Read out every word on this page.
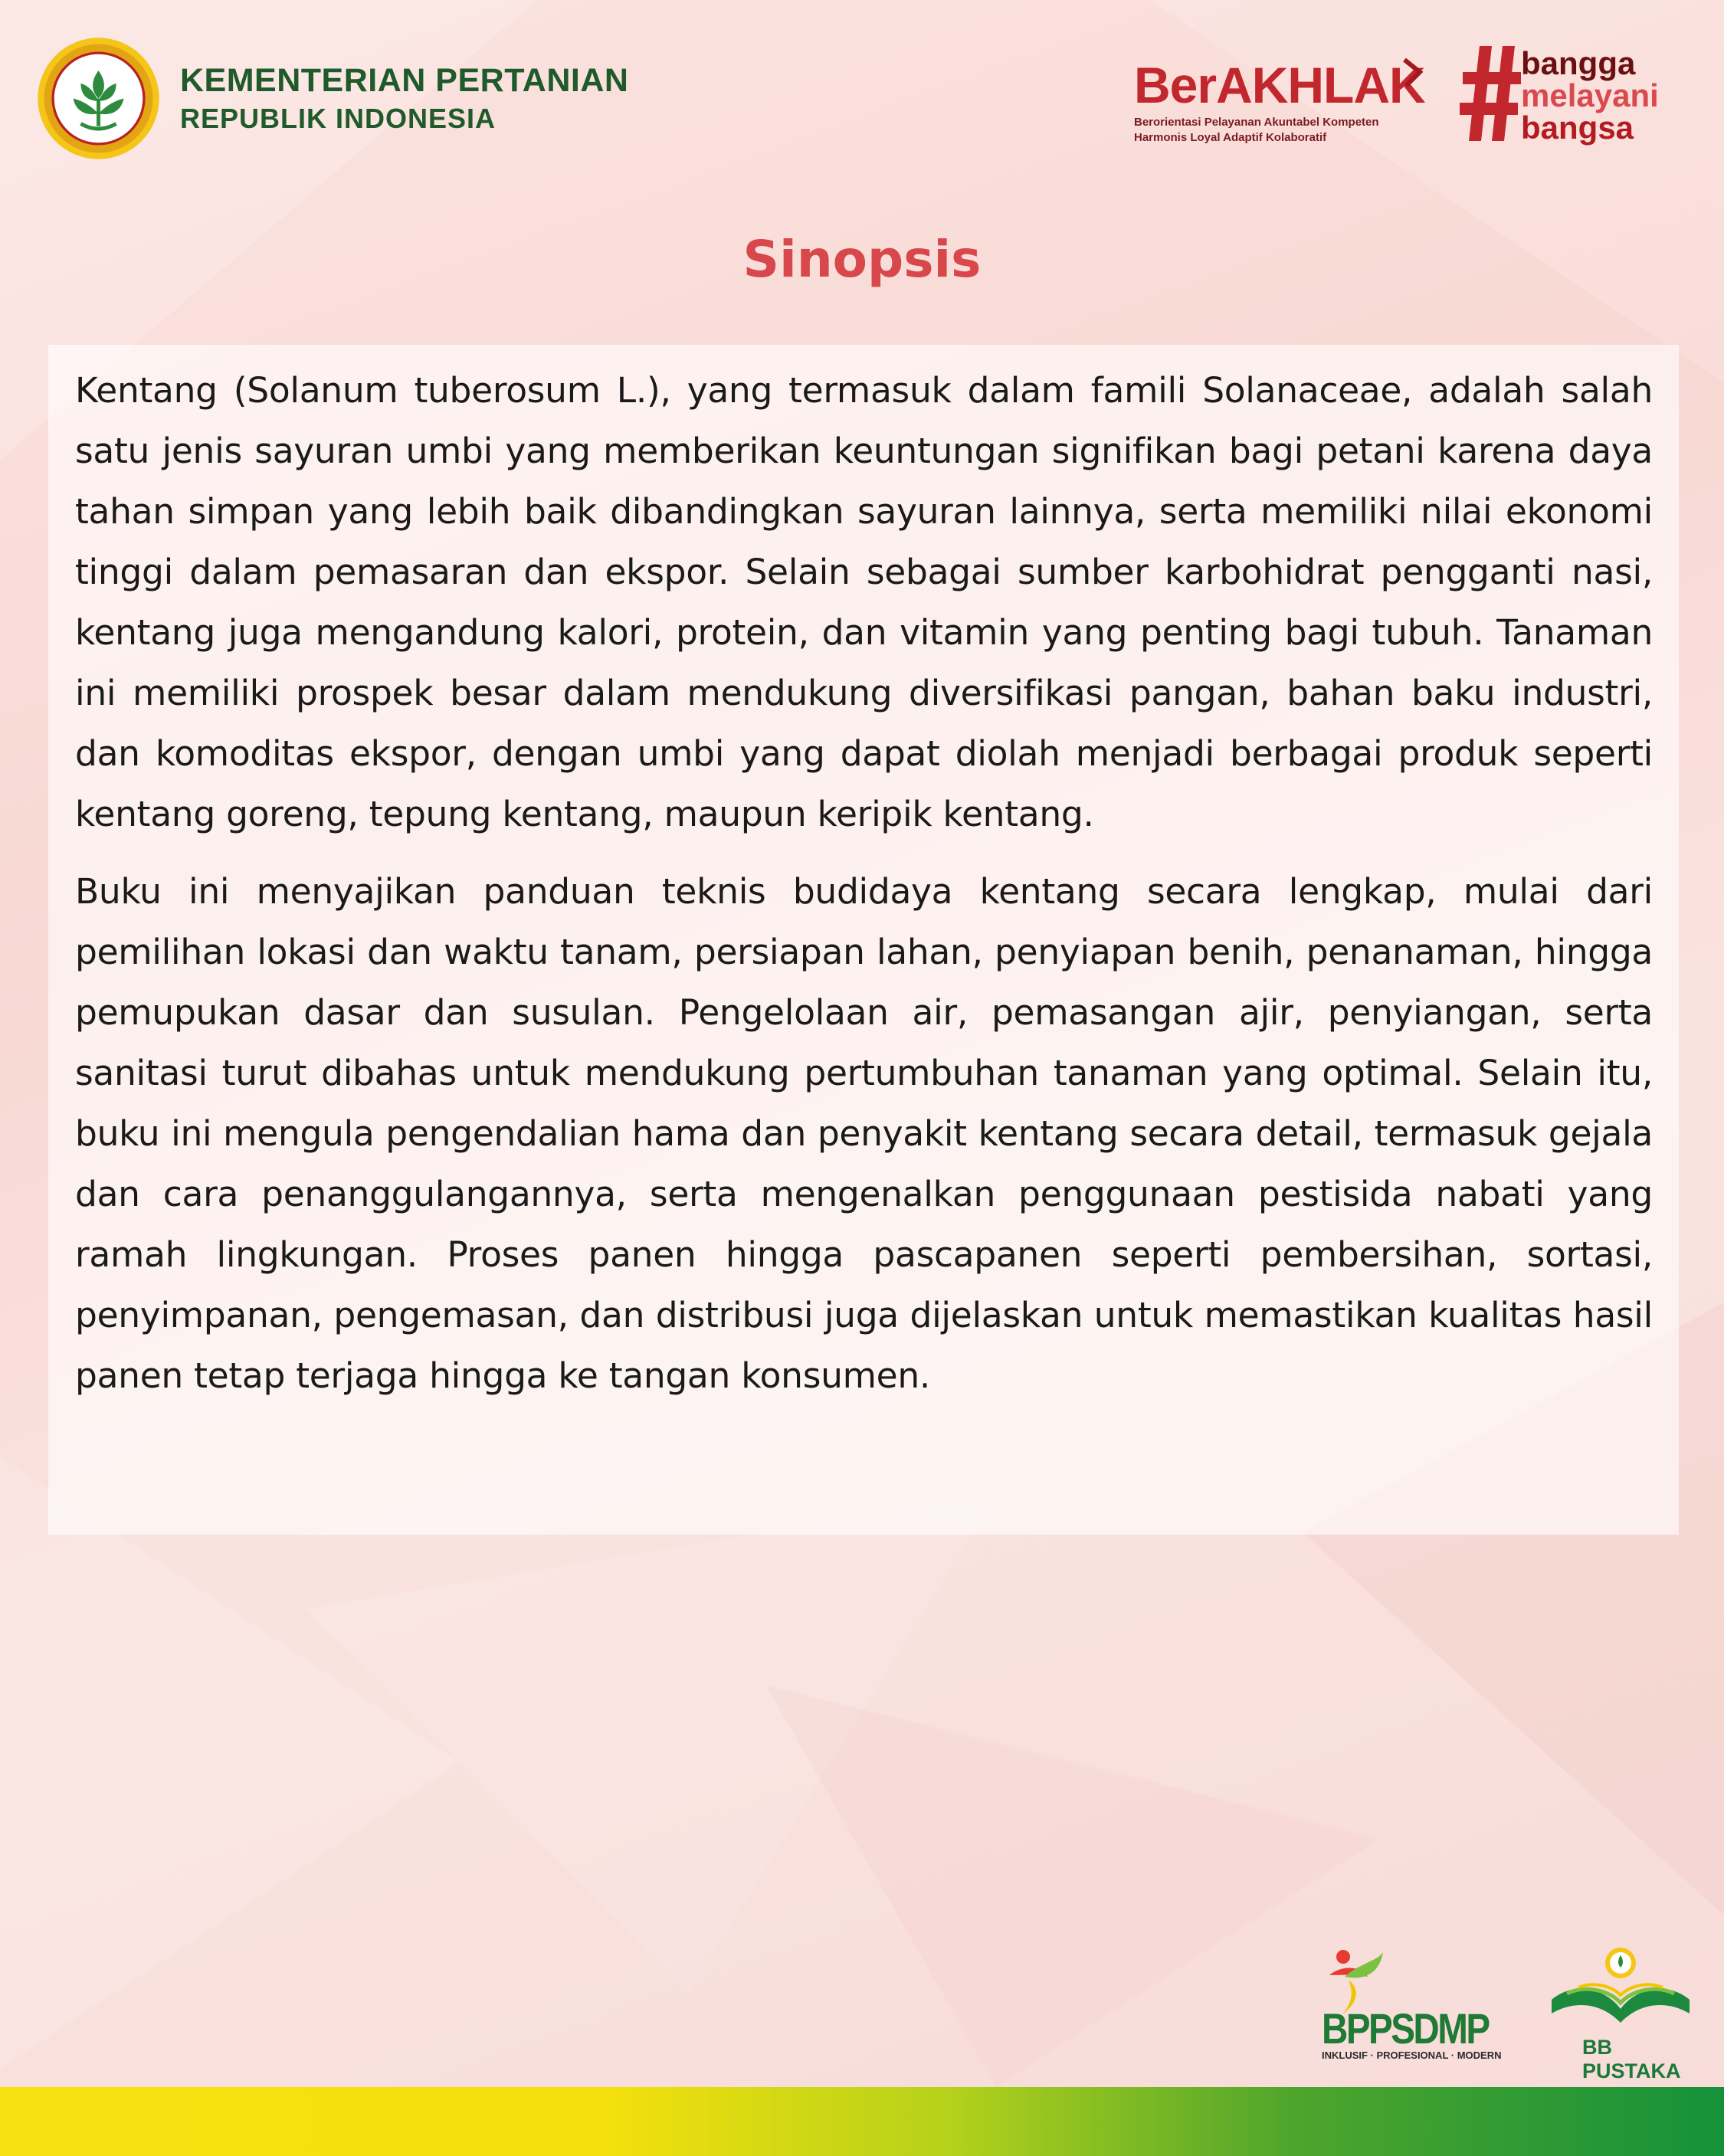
KEMENTERIAN PERTANIAN
REPUBLIK INDONESIA
BerAKHLAK
Berorientasi Pelayanan Akuntabel Kompeten
Harmonis Loyal Adaptif Kolaboratif
bangga
melayani
bangsa
Sinopsis

Kentang (Solanum tuberosum L.), yang termasuk dalam famili Solanaceae, adalah salah satu jenis sayuran umbi yang memberikan keuntungan signifikan bagi petani karena daya tahan simpan yang lebih baik dibandingkan sayuran lainnya, serta memiliki nilai ekonomi tinggi dalam pemasaran dan ekspor. Selain sebagai sumber karbohidrat pengganti nasi, kentang juga mengandung kalori, protein, dan vitamin yang penting bagi tubuh. Tanaman ini memiliki prospek besar dalam mendukung diversifikasi pangan, bahan baku industri, dan komoditas ekspor, dengan umbi yang dapat diolah menjadi berbagai produk seperti kentang goreng, tepung kentang, maupun keripik kentang.

Buku ini menyajikan panduan teknis budidaya kentang secara lengkap, mulai dari pemilihan lokasi dan waktu tanam, persiapan lahan, penyiapan benih, penanaman, hingga pemupukan dasar dan susulan. Pengelolaan air, pemasangan ajir, penyiangan, serta sanitasi turut dibahas untuk mendukung pertumbuhan tanaman yang optimal. Selain itu, buku ini mengula pengendalian hama dan penyakit kentang secara detail, termasuk gejala dan cara penanggulangannya, serta mengenalkan penggunaan pestisida nabati yang ramah lingkungan. Proses panen hingga pascapanen seperti pembersihan, sortasi, penyimpanan, pengemasan, dan distribusi juga dijelaskan untuk memastikan kualitas hasil panen tetap terjaga hingga ke tangan konsumen.

BPPSDMP
INKLUSIF · PROFESIONAL · MODERN	BB PUSTAKA
